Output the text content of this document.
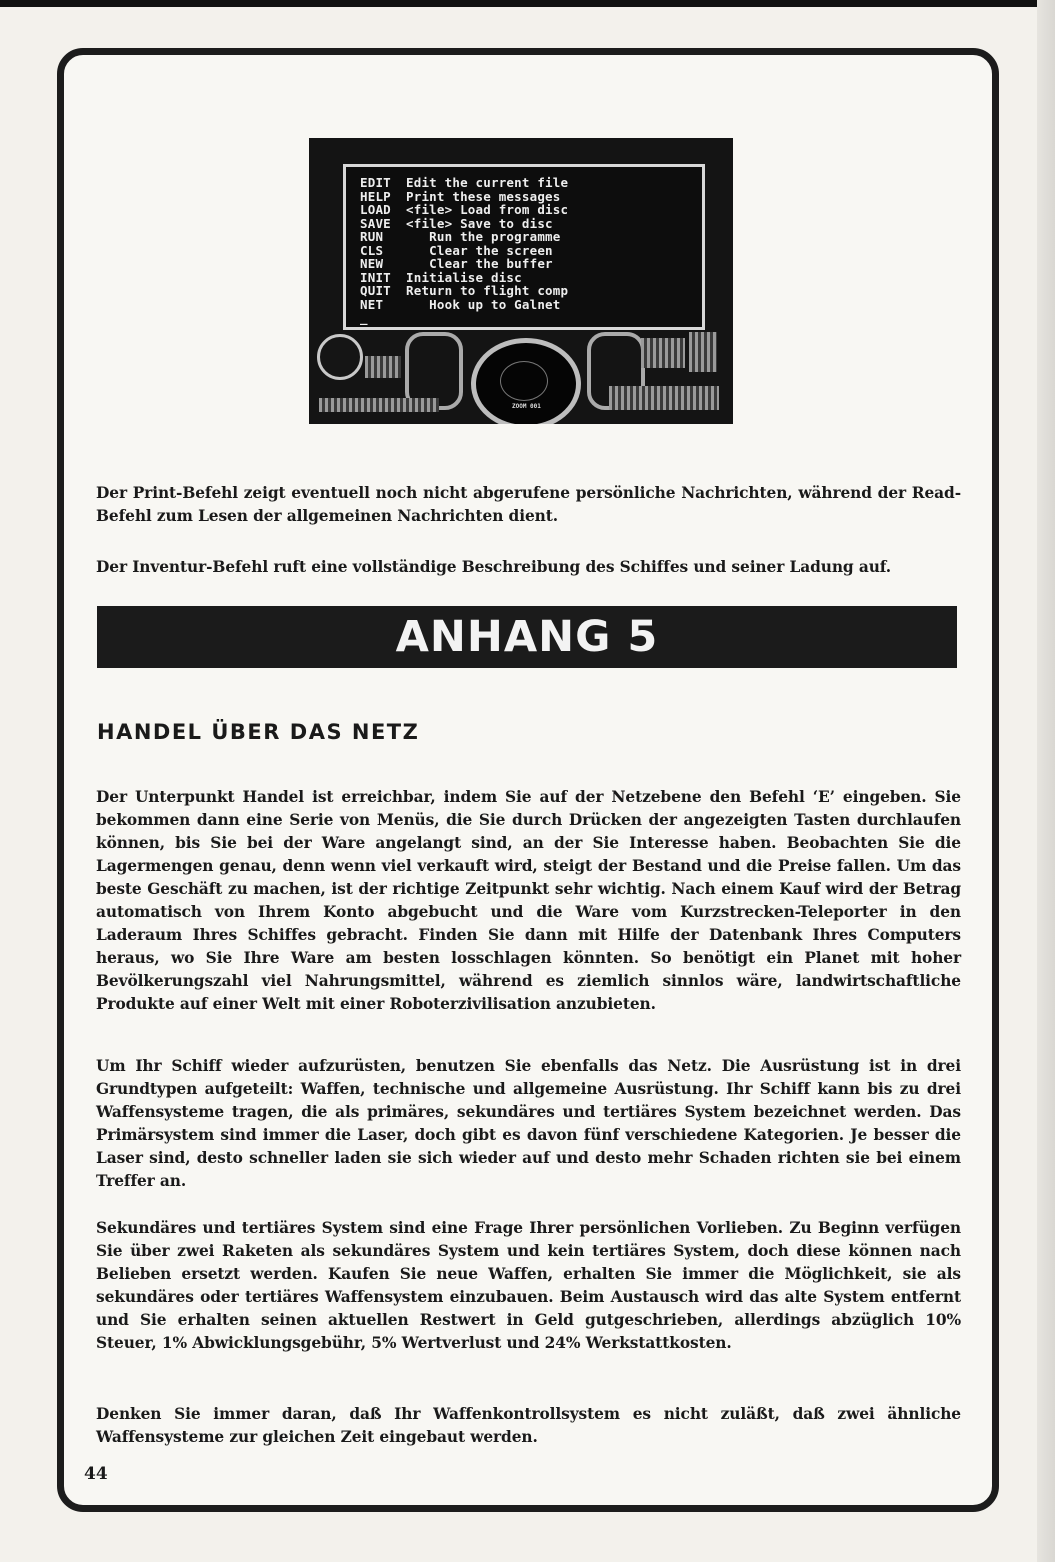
EDIT Edit the current file
HELP Print these messages
LOAD <file> Load from disc
SAVE <file> Save to disc
RUN   Run the programme
CLS   Clear the screen
NEW   Clear the buffer
INIT Initialise disc
QUIT Return to flight comp
NET   Hook up to Galnet
_
ZOOM 001

Der Print-Befehl zeigt eventuell noch nicht abgerufene persönliche Nachrichten, während der Read-Befehl zum Lesen der allgemeinen Nachrichten dient.

Der Inventur-Befehl ruft eine vollständige Beschreibung des Schiffes und seiner Ladung auf.

ANHANG 5
HANDEL ÜBER DAS NETZ

Der Unterpunkt Handel ist erreichbar, indem Sie auf der Netzebene den Befehl ‘E’ eingeben. Sie bekommen dann eine Serie von Menüs, die Sie durch Drücken der angezeigten Tasten durchlaufen können, bis Sie bei der Ware angelangt sind, an der Sie Interesse haben. Beobachten Sie die Lagermengen genau, denn wenn viel verkauft wird, steigt der Bestand und die Preise fallen. Um das beste Geschäft zu machen, ist der richtige Zeitpunkt sehr wichtig. Nach einem Kauf wird der Betrag automatisch von Ihrem Konto abgebucht und die Ware vom Kurzstrecken-Teleporter in den Laderaum Ihres Schiffes gebracht. Finden Sie dann mit Hilfe der Datenbank Ihres Computers heraus, wo Sie Ihre Ware am besten losschlagen könnten. So benötigt ein Planet mit hoher Bevölkerungszahl viel Nahrungsmittel, während es ziemlich sinnlos wäre, landwirtschaftliche Produkte auf einer Welt mit einer Roboterzivilisation anzubieten.

Um Ihr Schiff wieder aufzurüsten, benutzen Sie ebenfalls das Netz. Die Ausrüstung ist in drei Grundtypen aufgeteilt: Waffen, technische und allgemeine Ausrüstung. Ihr Schiff kann bis zu drei Waffensysteme tragen, die als primäres, sekundäres und tertiäres System bezeichnet werden. Das Primärsystem sind immer die Laser, doch gibt es davon fünf verschiedene Kategorien. Je besser die Laser sind, desto schneller laden sie sich wieder auf und desto mehr Schaden richten sie bei einem Treffer an.

Sekundäres und tertiäres System sind eine Frage Ihrer persönlichen Vorlieben. Zu Beginn verfügen Sie über zwei Raketen als sekundäres System und kein tertiäres System, doch diese können nach Belieben ersetzt werden. Kaufen Sie neue Waffen, erhalten Sie immer die Möglichkeit, sie als sekundäres oder tertiäres Waffensystem einzubauen. Beim Austausch wird das alte System entfernt und Sie erhalten seinen aktuellen Restwert in Geld gutgeschrieben, allerdings abzüglich 10% Steuer, 1% Abwicklungsgebühr, 5% Wertverlust und 24% Werkstattkosten.

Denken Sie immer daran, daß Ihr Waffenkontrollsystem es nicht zuläßt, daß zwei ähnliche Waffensysteme zur gleichen Zeit eingebaut werden.

44
